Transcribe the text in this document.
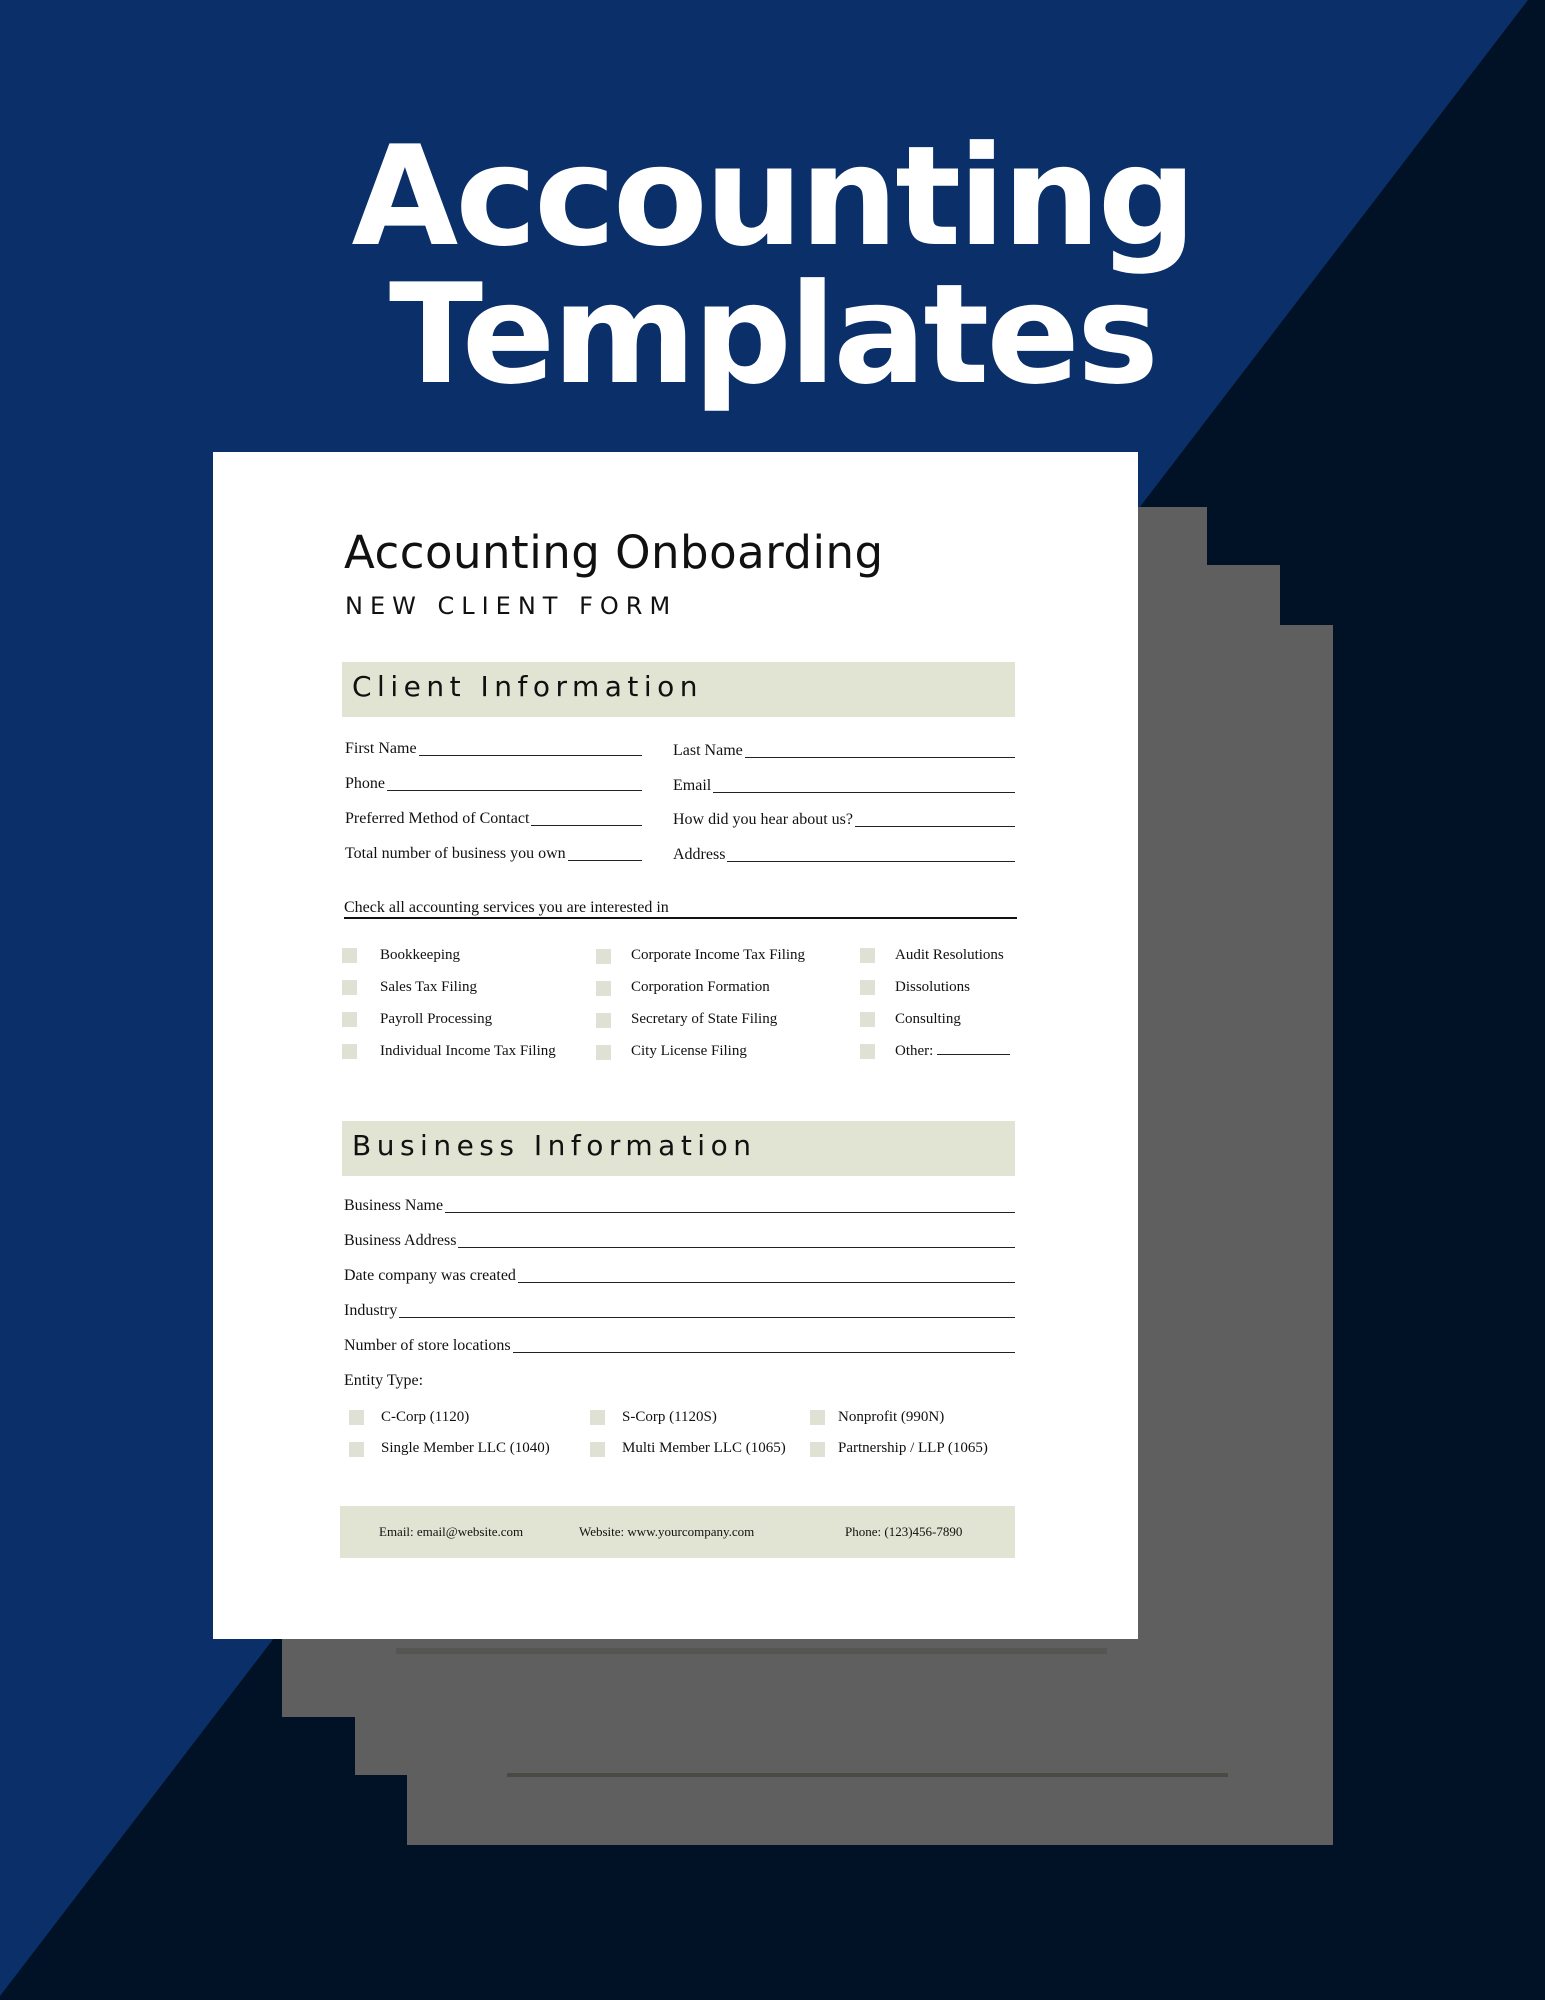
Accounting Templates
Accounting Onboarding
NEW CLIENT FORM
Client Information
First Name
Phone
Preferred Method of Contact
Total number of business you own
Last Name
Email
How did you hear about us?
Address
Check all accounting services you are interested in
Bookkeeping
Sales Tax Filing
Payroll Processing
Individual Income Tax Filing
Corporate Income Tax Filing
Corporation Formation
Secretary of State Filing
City License Filing
Audit Resolutions
Dissolutions
Consulting
Other:
Business Information
Business Name
Business Address
Date company was created
Industry
Number of store locations
Entity Type:
C-Corp (1120)
Single Member LLC (1040)
S-Corp (1120S)
Multi Member LLC (1065)
Nonprofit (990N)
Partnership / LLP (1065)
Email: email@website.com	Website: www.yourcompany.com	Phone: (123)456-7890
